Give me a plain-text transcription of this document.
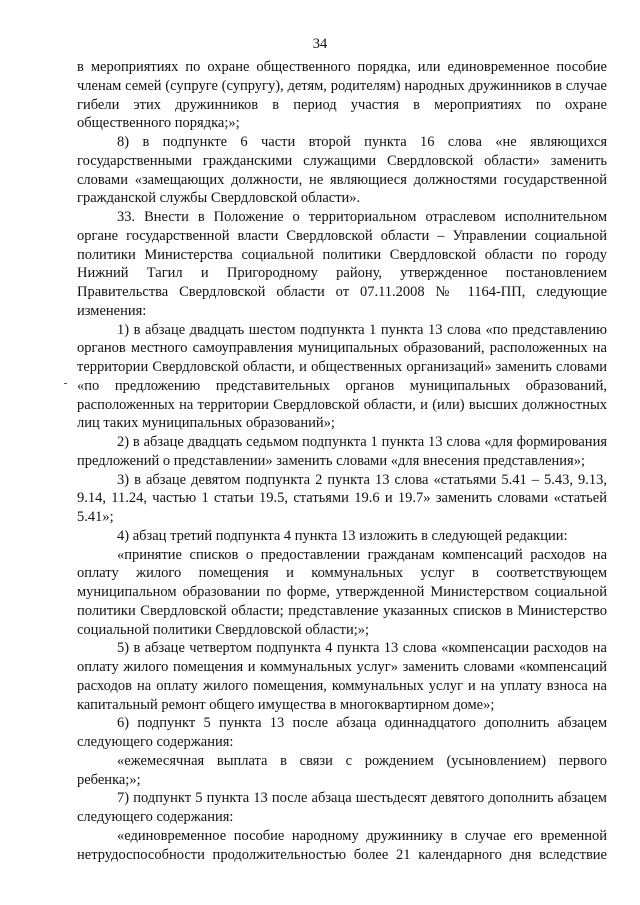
34

в мероприятиях по охране общественного порядка, или единовременное пособие членам семей (супруге (супругу), детям, родителям) народных дружинников в случае гибели этих дружинников в период участия в мероприятиях по охране общественного порядка;»;

8) в подпункте 6 части второй пункта 16 слова «не являющихся государственными гражданскими служащими Свердловской области» заменить словами «замещающих должности, не являющиеся должностями государственной гражданской службы Свердловской области».

33. Внести в Положение о территориальном отраслевом исполнительном органе государственной власти Свердловской области – Управлении социальной политики Министерства социальной политики Свердловской области по городу Нижний Тагил и Пригородному району, утвержденное постановлением Правительства Свердловской области от 07.11.2008 № 1164-ПП, следующие изменения:

1) в абзаце двадцать шестом подпункта 1 пункта 13 слова «по представлению органов местного самоуправления муниципальных образований, расположенных на территории Свердловской области, и общественных организаций» заменить словами «по предложению представительных органов муниципальных образований, расположенных на территории Свердловской области, и (или) высших должностных лиц таких муниципальных образований»;

2) в абзаце двадцать седьмом подпункта 1 пункта 13 слова «для формирования предложений о представлении» заменить словами «для внесения представления»;

3) в абзаце девятом подпункта 2 пункта 13 слова «статьями 5.41 – 5.43, 9.13, 9.14, 11.24, частью 1 статьи 19.5, статьями 19.6 и 19.7» заменить словами «статьей 5.41»;

4) абзац третий подпункта 4 пункта 13 изложить в следующей редакции:

«принятие списков о предоставлении гражданам компенсаций расходов на оплату жилого помещения и коммунальных услуг в соответствующем муниципальном образовании по форме, утвержденной Министерством социальной политики Свердловской области; представление указанных списков в Министерство социальной политики Свердловской области;»;

5) в абзаце четвертом подпункта 4 пункта 13 слова «компенсации расходов на оплату жилого помещения и коммунальных услуг» заменить словами «компенсаций расходов на оплату жилого помещения, коммунальных услуг и на уплату взноса на капитальный ремонт общего имущества в многоквартирном доме»;

6) подпункт 5 пункта 13 после абзаца одиннадцатого дополнить абзацем следующего содержания:

«ежемесячная выплата в связи с рождением (усыновлением) первого ребенка;»;

7) подпункт 5 пункта 13 после абзаца шестьдесят девятого дополнить абзацем следующего содержания:

«единовременное пособие народному дружиннику в случае его временной нетрудоспособности продолжительностью более 21 календарного дня вследствие
